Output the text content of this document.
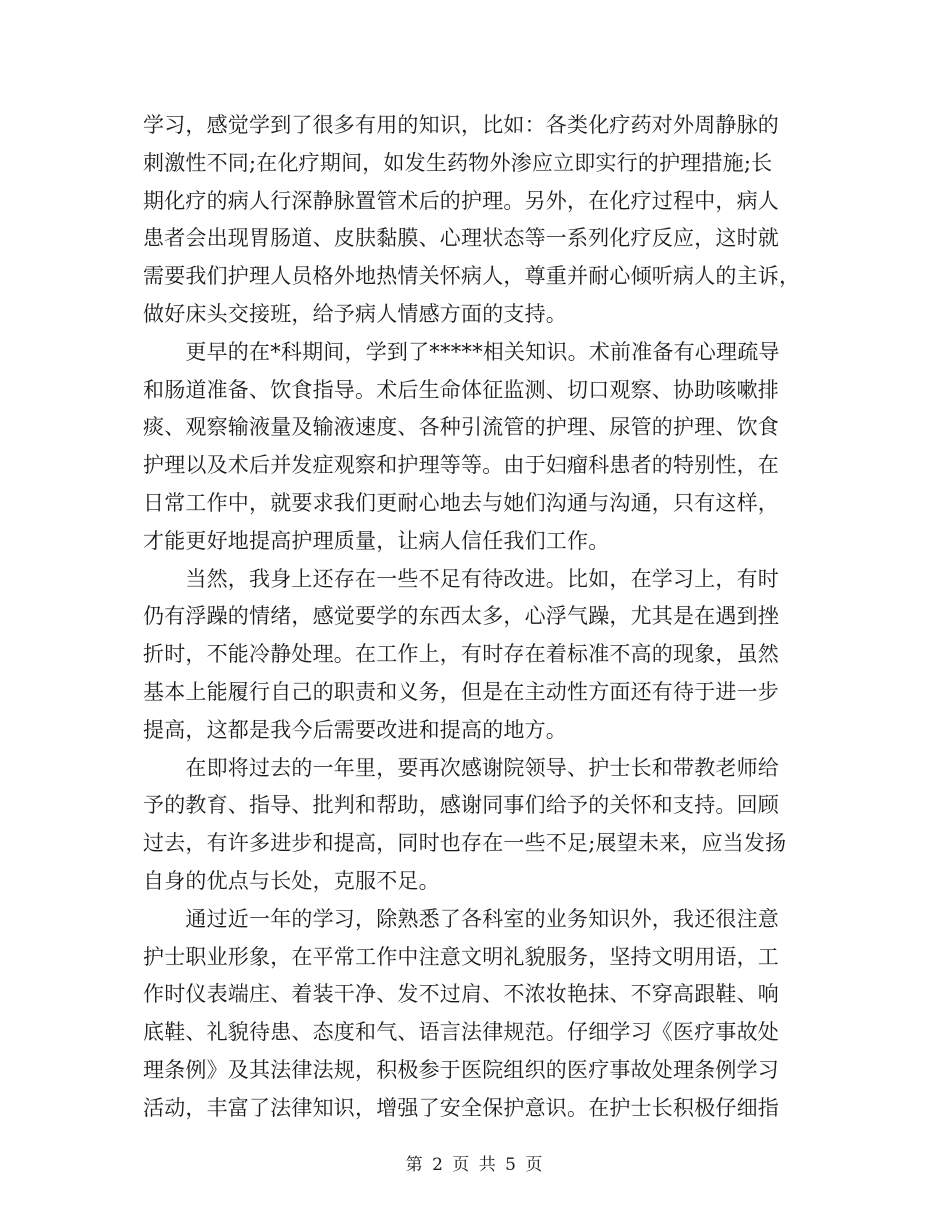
学习，感觉学到了很多有用的知识，比如：各类化疗药对外周静脉的
刺激性不同;在化疗期间，如发生药物外渗应立即实行的护理措施;长
期化疗的病人行深静脉置管术后的护理。另外，在化疗过程中，病人
患者会出现胃肠道、皮肤黏膜、心理状态等一系列化疗反应，这时就
需要我们护理人员格外地热情关怀病人，尊重并耐心倾听病人的主诉，
做好床头交接班，给予病人情感方面的支持。
　　更早的在*科期间，学到了*****相关知识。术前准备有心理疏导
和肠道准备、饮食指导。术后生命体征监测、切口观察、协助咳嗽排
痰、观察输液量及输液速度、各种引流管的护理、尿管的护理、饮食
护理以及术后并发症观察和护理等等。由于妇瘤科患者的特别性，在
日常工作中，就要求我们更耐心地去与她们沟通与沟通，只有这样，
才能更好地提高护理质量，让病人信任我们工作。
　　当然，我身上还存在一些不足有待改进。比如，在学习上，有时
仍有浮躁的情绪，感觉要学的东西太多，心浮气躁，尤其是在遇到挫
折时，不能冷静处理。在工作上，有时存在着标准不高的现象，虽然
基本上能履行自己的职责和义务，但是在主动性方面还有待于进一步
提高，这都是我今后需要改进和提高的地方。
　　在即将过去的一年里，要再次感谢院领导、护士长和带教老师给
予的教育、指导、批判和帮助，感谢同事们给予的关怀和支持。回顾
过去，有许多进步和提高，同时也存在一些不足;展望未来，应当发扬
自身的优点与长处，克服不足。
　　通过近一年的学习，除熟悉了各科室的业务知识外，我还很注意
护士职业形象，在平常工作中注意文明礼貌服务，坚持文明用语，工
作时仪表端庄、着装干净、发不过肩、不浓妆艳抹、不穿高跟鞋、响
底鞋、礼貌待患、态度和气、语言法律规范。仔细学习《医疗事故处
理条例》及其法律法规，积极参于医院组织的医疗事故处理条例学习
活动，丰富了法律知识，增强了安全保护意识。在护士长积极仔细指
第 2 页 共 5 页
